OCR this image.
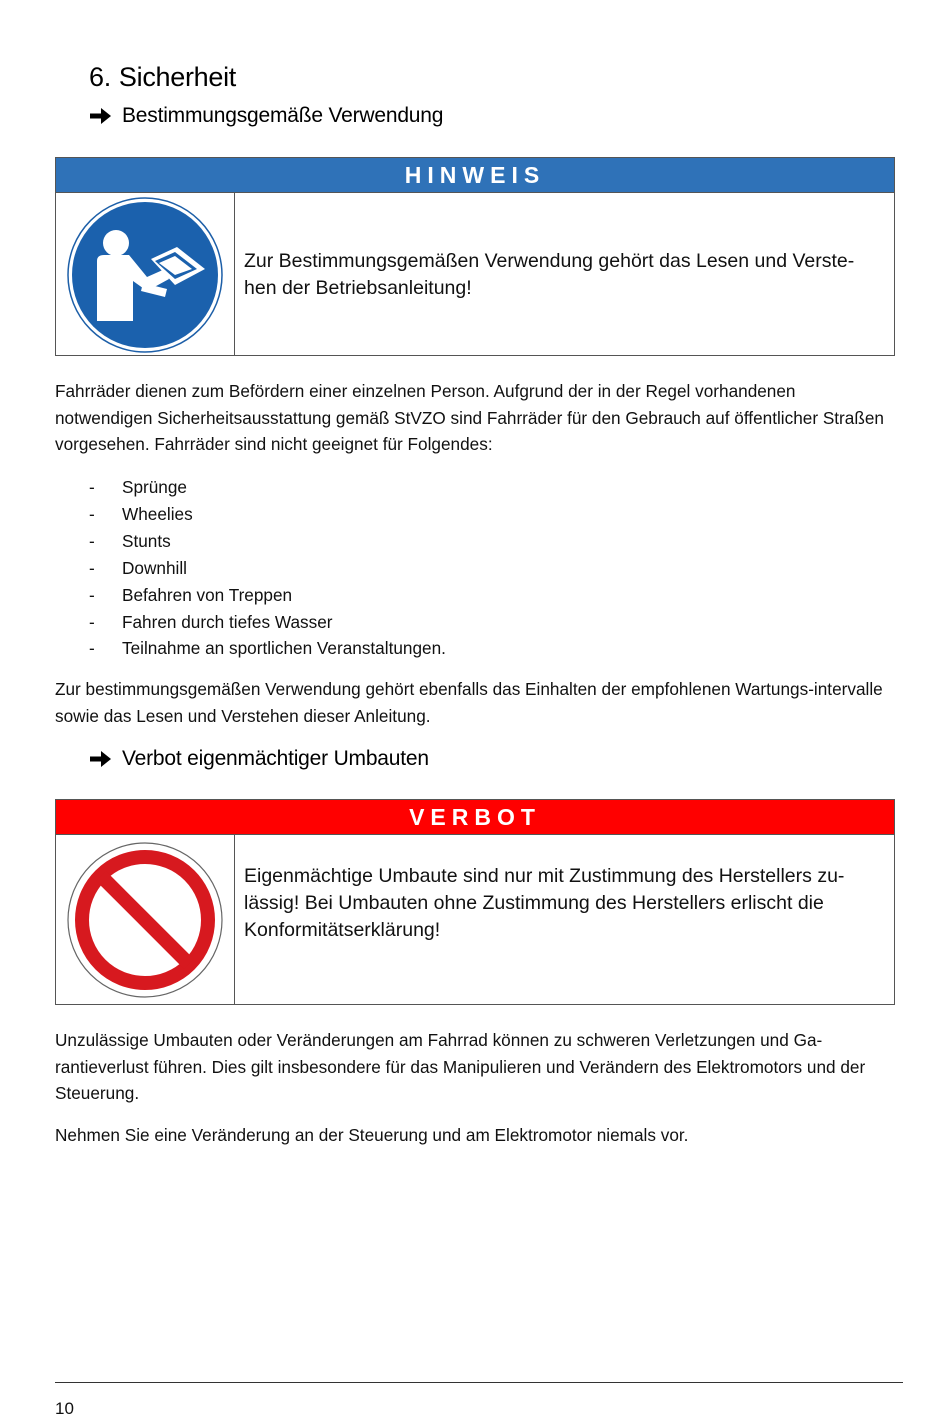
6. Sicherheit
Bestimmungsgemäße Verwendung
HINWEIS
Zur Bestimmungsgemäßen Verwendung gehört das Lesen und Verste-hen der Betriebsanleitung!
Fahrräder dienen zum Befördern einer einzelnen Person. Aufgrund der in der Regel vorhandenen notwendigen Sicherheitsausstattung gemäß StVZO sind Fahrräder für den Gebrauch auf öffentlicher Straßen vorgesehen. Fahrräder sind nicht geeignet für Folgendes:
-	Sprünge
-	Wheelies
-	Stunts
-	Downhill
-	Befahren von Treppen
-	Fahren durch tiefes Wasser
-	Teilnahme an sportlichen Veranstaltungen.
Zur bestimmungsgemäßen Verwendung gehört ebenfalls das Einhalten der empfohlenen Wartungs-intervalle sowie das Lesen und Verstehen dieser Anleitung.
Verbot eigenmächtiger Umbauten
VERBOT
Eigenmächtige Umbaute sind nur mit Zustimmung des Herstellers zu-lässig! Bei Umbauten ohne Zustimmung des Herstellers erlischt die Konformitätserklärung!
Unzulässige Umbauten oder Veränderungen am Fahrrad können zu schweren Verletzungen und Ga-rantieverlust führen. Dies gilt insbesondere für das Manipulieren und Verändern des Elektromotors und der Steuerung.
Nehmen Sie eine Veränderung an der Steuerung und am Elektromotor niemals vor.
10
